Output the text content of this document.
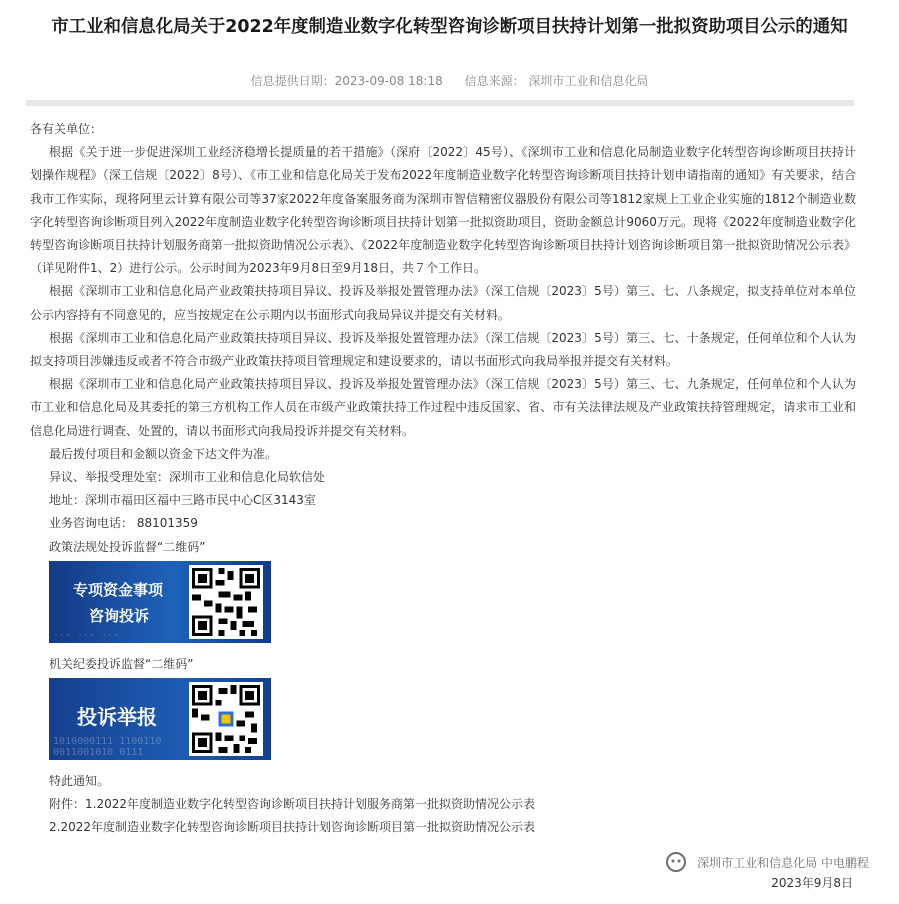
市工业和信息化局关于2022年度制造业数字化转型咨询诊断项目扶持计划第一批拟资助项目公示的通知
信息提供日期：2023-09-08 18:18 信息来源： 深圳市工业和信息化局

各有关单位：

根据《关于进一步促进深圳工业经济稳增长提质量的若干措施》（深府〔2022〕45号）、《深圳市工业和信息化局制造业数字化转型咨询诊断项目扶持计划操作规程》（深工信规〔2022〕8号）、《市工业和信息化局关于发布2022年度制造业数字化转型咨询诊断项目扶持计划申请指南的通知》有关要求，结合我市工作实际，现将阿里云计算有限公司等37家2022年度备案服务商为深圳市智信精密仪器股份有限公司等1812家规上工业企业实施的1812个制造业数字化转型咨询诊断项目列入2022年度制造业数字化转型咨询诊断项目扶持计划第一批拟资助项目，资助金额总计9060万元。现将《2022年度制造业数字化转型咨询诊断项目扶持计划服务商第一批拟资助情况公示表》、《2022年度制造业数字化转型咨询诊断项目扶持计划咨询诊断项目第一批拟资助情况公示表》（详见附件1、2）进行公示。公示时间为2023年9月8日至9月18日，共７个工作日。

根据《深圳市工业和信息化局产业政策扶持项目异议、投诉及举报处置管理办法》（深工信规〔2023〕5号）第三、七、八条规定，拟支持单位对本单位公示内容持有不同意见的，应当按规定在公示期内以书面形式向我局异议并提交有关材料。

根据《深圳市工业和信息化局产业政策扶持项目异议、投诉及举报处置管理办法》（深工信规〔2023〕5号）第三、七、十条规定，任何单位和个人认为拟支持项目涉嫌违反或者不符合市级产业政策扶持项目管理规定和建设要求的，请以书面形式向我局举报并提交有关材料。

根据《深圳市工业和信息化局产业政策扶持项目异议、投诉及举报处置管理办法》（深工信规〔2023〕5号）第三、七、九条规定，任何单位和个人认为市工业和信息化局及其委托的第三方机构工作人员在市级产业政策扶持工作过程中违反国家、省、市有关法律法规及产业政策扶持管理规定，请求市工业和信息化局进行调查、处置的，请以书面形式向我局投诉并提交有关材料。

最后拨付项目和金额以资金下达文件为准。

异议、举报受理处室：深圳市工业和信息化局软信处

地址：深圳市福田区福中三路市民中心C区3143室

业务咨询电话： 88101359

政策法规处投诉监督“二维码”

··· ··· ···
专项资金事项
咨询投诉

机关纪委投诉监督“二维码”

1010000111 1100110
0011001010 0111
投诉举报

特此通知。

附件：1.2022年度制造业数字化转型咨询诊断项目扶持计划服务商第一批拟资助情况公示表

2.2022年度制造业数字化转型咨询诊断项目扶持计划咨询诊断项目第一批拟资助情况公示表

深圳市工业和信息化局 中电鹏程
2023年9月8日
